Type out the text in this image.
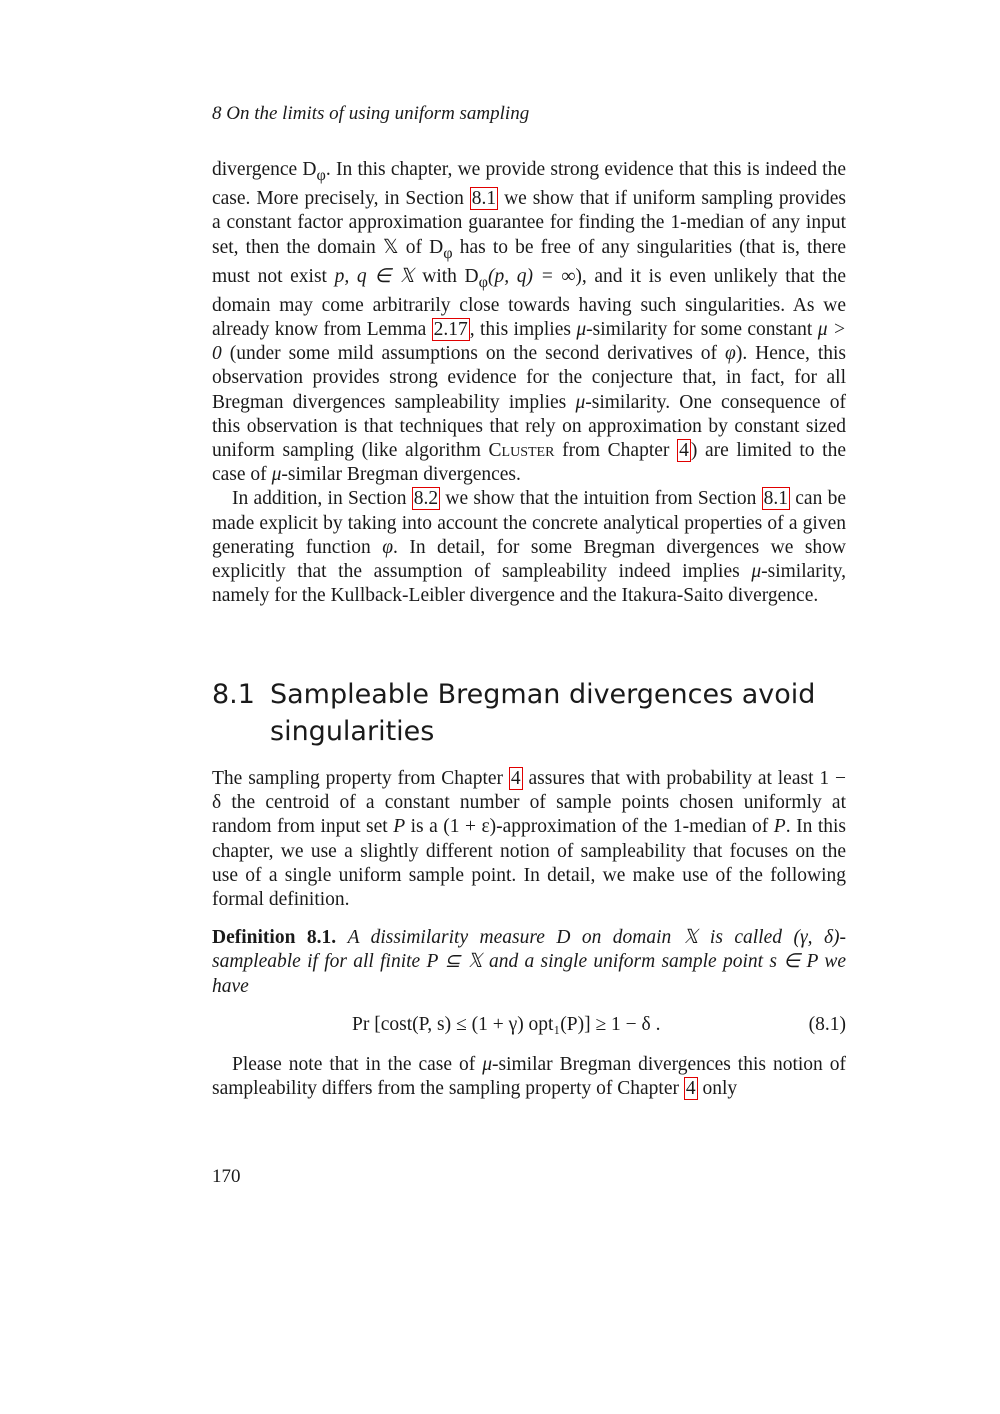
8 On the limits of using uniform sampling

divergence $D_\varphi$. In this chapter, we provide strong evidence that this is indeed the case. More precisely, in Section 8.1 we show that if uniform sampling provides a constant factor approximation guarantee for finding the 1-median of any input set, then the domain 𝕏 of $D_\varphi$ has to be free of any singularities (that is, there must not exist p, q ∈ 𝕏 with $D_\varphi(p$, q) = ∞), and it is even unlikely that the domain may come arbitrarily close towards having such singularities. As we already know from Lemma 2.17 , this implies μ-similarity for some constant μ > 0 (under some mild assumptions on the second derivatives of φ). Hence, this observation provides strong evidence for the conjecture that, in fact, for all Bregman divergences sampleability implies μ-similarity. One consequence of this observation is that techniques that rely on approximation by constant sized uniform sampling (like algorithm Cluster from Chapter 4 ) are limited to the case of μ-similar Bregman divergences.

In addition, in Section 8.2 we show that the intuition from Section 8.1 can be made explicit by taking into account the concrete analytical properties of a given generating function φ. In detail, for some Bregman divergences we show explicitly that the assumption of sampleability indeed implies μ-similarity, namely for the Kullback-Leibler divergence and the Itakura-Saito divergence.

8.1 Sampleable Bregman divergences avoid
singularities

The sampling property from Chapter 4 assures that with probability at least 1 − δ the centroid of a constant number of sample points chosen uniformly at random from input set P is a (1 + ε)-approximation of the 1-median of P. In this chapter, we use a slightly different notion of sampleability that focuses on the use of a single uniform sample point. In detail, we make use of the following formal definition.

Definition 8.1. A dissimilarity measure D on domain 𝕏 is called (γ, δ)-sampleable if for all finite P ⊆ 𝕏 and a single uniform sample point s ∈ P we have

Pr [cost(P, s) ≤ (1 + γ) opt₁(P)] ≥ 1 − δ .	(8.1)

Please note that in the case of μ-similar Bregman divergences this notion of sampleability differs from the sampling property of Chapter 4 only

170
